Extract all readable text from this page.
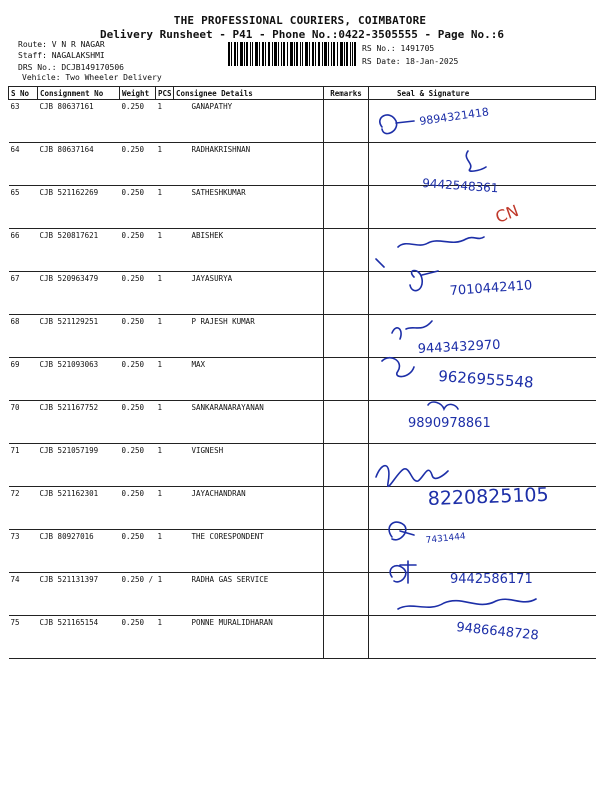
THE PROFESSIONAL COURIERS, COIMBATORE
Delivery Runsheet - P41 - Phone No.:0422-3505555 - Page No.:6
Route: V N R NAGAR
Staff: NAGALAKSHMI
DRS No.: DCJB149170506
Vehicle: Two Wheeler Delivery
RS No.: 1491705
RS Date: 18-Jan-2025
S No	Consignment No	Weight	PCS	Consignee Details	Remarks	Seal & Signature
63	CJB 80637161	0.250	1	GANAPATHY		
64	CJB 80637164	0.250	1	RADHAKRISHNAN		
65	CJB 521162269	0.250	1	SATHESHKUMAR		
66	CJB 520817621	0.250	1	ABISHEK		
67	CJB 520963479	0.250	1	JAYASURYA		
68	CJB 521129251	0.250	1	P RAJESH KUMAR		
69	CJB 521093063	0.250	1	MAX		
70	CJB 521167752	0.250	1	SANKARANARAYANAN		
71	CJB 521057199	0.250	1	VIGNESH		
72	CJB 521162301	0.250	1	JAYACHANDRAN		
73	CJB 80927016	0.250	1	THE CORESPONDENT		
74	CJB 521131397	0.250 / 1		RADHA GAS SERVICE		
75	CJB 521165154	0.250	1	PONNE MURALIDHARAN		
9894321418
9442548361
CN
7010442410
9443432970
9626955548
9890978861
8220825105
7431444
9442586171
9486648728
